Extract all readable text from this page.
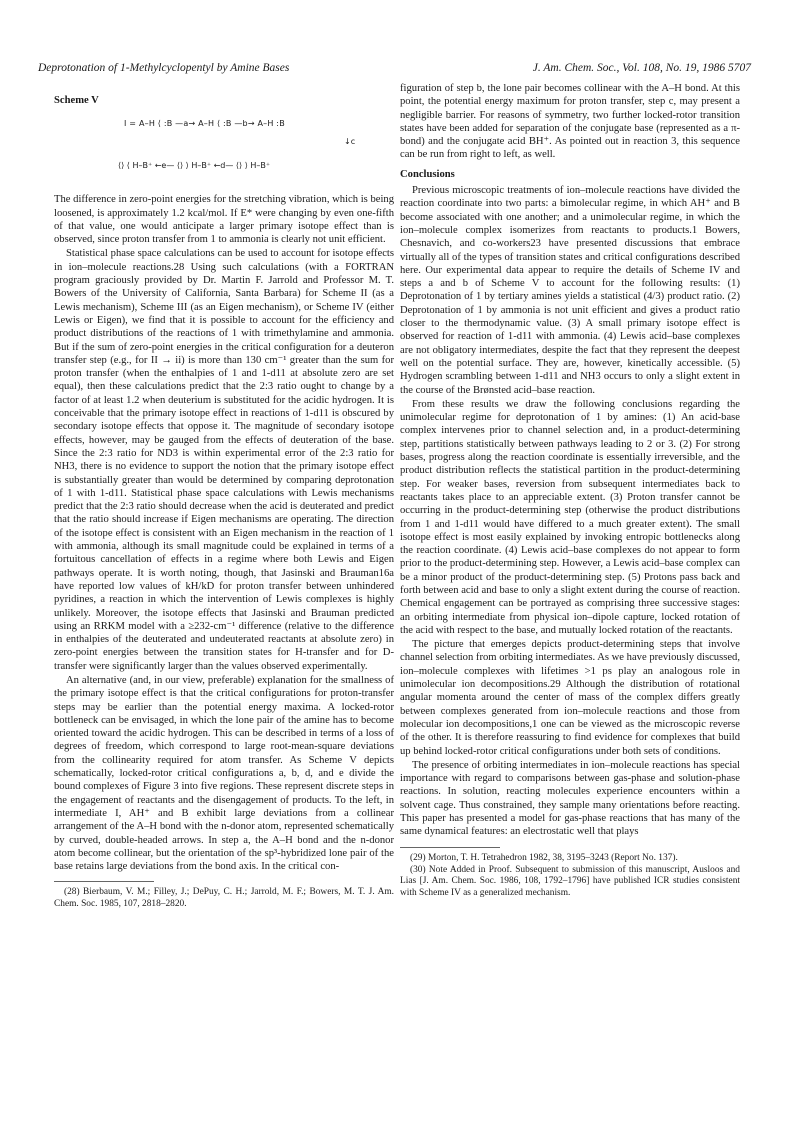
Deprotonation of 1-Methylcyclopentyl by Amine Bases	J. Am. Chem. Soc., Vol. 108, No. 19, 1986 5707
Scheme V
I = A–H ⟨ :B —a→ A–H ⟨ :B —b→ A–H :B
↓c
⟨⟩ ⟨ H–B⁺ ←e— ⟨⟩ ⟩ H–B⁺ ←d— ⟨⟩ ⟩ H–B⁺

The difference in zero-point energies for the stretching vibration, which is being loosened, is approximately 1.2 kcal/mol. If E* were changing by even one-fifth of that value, one would anticipate a larger primary isotope effect than is observed, since proton transfer from 1 to ammonia is clearly not unit efficient.

Statistical phase space calculations can be used to account for isotope effects in ion–molecule reactions.28 Using such calculations (with a FORTRAN program graciously provided by Dr. Martin F. Jarrold and Professor M. T. Bowers of the University of California, Santa Barbara) for Scheme II (as a Lewis mechanism), Scheme III (as an Eigen mechanism), or Scheme IV (either Lewis or Eigen), we find that it is possible to account for the efficiency and product distributions of the reactions of 1 with trimethylamine and ammonia. But if the sum of zero-point energies in the critical configuration for a deuteron transfer step (e.g., for II → ii) is more than 130 cm⁻¹ greater than the sum for proton transfer (when the enthalpies of 1 and 1-d11 at absolute zero are set equal), then these calculations predict that the 2:3 ratio ought to change by a factor of at least 1.2 when deuterium is substituted for the acidic hydrogen. It is conceivable that the primary isotope effect in reactions of 1-d11 is obscured by secondary isotope effects that oppose it. The magnitude of secondary isotope effects, however, may be gauged from the effects of deuteration of the base. Since the 2:3 ratio for ND3 is within experimental error of the 2:3 ratio for NH3, there is no evidence to support the notion that the primary isotope effect is substantially greater than would be determined by comparing deprotonation of 1 with 1-d11. Statistical phase space calculations with Lewis mechanisms predict that the 2:3 ratio should decrease when the acid is deuterated and predict that the ratio should increase if Eigen mechanisms are operating. The direction of the isotope effect is consistent with an Eigen mechanism in the reaction of 1 with ammonia, although its small magnitude could be explained in terms of a fortuitous cancellation of effects in a regime where both Lewis and Eigen pathways operate. It is worth noting, though, that Jasinski and Brauman16a have reported low values of kH/kD for proton transfer between unhindered pyridines, a reaction in which the intervention of Lewis complexes is highly unlikely. Moreover, the isotope effects that Jasinski and Brauman predicted using an RRKM model with a ≥232-cm⁻¹ difference (relative to the difference in enthalpies of the deuterated and undeuterated reactants at absolute zero) in zero-point energies between the transition states for H-transfer and for D-transfer were significantly larger than the values observed experimentally.

An alternative (and, in our view, preferable) explanation for the smallness of the primary isotope effect is that the critical configurations for proton-transfer steps may be earlier than the potential energy maxima. A locked-rotor bottleneck can be envisaged, in which the lone pair of the amine has to become oriented toward the acidic hydrogen. This can be described in terms of a loss of degrees of freedom, which correspond to large root-mean-square deviations from the collinearity required for atom transfer. As Scheme V depicts schematically, locked-rotor critical configurations a, b, d, and e divide the bound complexes of Figure 3 into five regions. These represent discrete steps in the engagement of reactants and the disengagement of products. To the left, in intermediate I, AH⁺ and B exhibit large deviations from a collinear arrangement of the A–H bond with the n-donor atom, represented schematically by curved, double-headed arrows. In step a, the A–H bond and the n-donor atom become collinear, but the orientation of the sp³-hybridized lone pair of the base retains large deviations from the bond axis. In the critical con-

(28) Bierbaum, V. M.; Filley, J.; DePuy, C. H.; Jarrold, M. F.; Bowers, M. T. J. Am. Chem. Soc. 1985, 107, 2818–2820.

figuration of step b, the lone pair becomes collinear with the A–H bond. At this point, the potential energy maximum for proton transfer, step c, may present a negligible barrier. For reasons of symmetry, two further locked-rotor transition states have been added for separation of the conjugate base (represented as a π-bond) and the conjugate acid BH⁺. As pointed out in reaction 3, this sequence can be run from right to left, as well.

Conclusions

Previous microscopic treatments of ion–molecule reactions have divided the reaction coordinate into two parts: a bimolecular regime, in which AH⁺ and B become associated with one another; and a unimolecular regime, in which the ion–molecule complex isomerizes from reactants to products.1 Bowers, Chesnavich, and co-workers23 have presented discussions that embrace virtually all of the types of transition states and critical configurations described here. Our experimental data appear to require the details of Scheme IV and steps a and b of Scheme V to account for the following results: (1) Deprotonation of 1 by tertiary amines yields a statistical (4/3) product ratio. (2) Deprotonation of 1 by ammonia is not unit efficient and gives a product ratio closer to the thermodynamic value. (3) A small primary isotope effect is observed for reaction of 1-d11 with ammonia. (4) Lewis acid–base complexes are not obligatory intermediates, despite the fact that they represent the deepest well on the potential surface. They are, however, kinetically accessible. (5) Hydrogen scrambling between 1-d11 and NH3 occurs to only a slight extent in the course of the Brønsted acid–base reaction.

From these results we draw the following conclusions regarding the unimolecular regime for deprotonation of 1 by amines: (1) An acid-base complex intervenes prior to channel selection and, in a product-determining step, partitions statistically between pathways leading to 2 or 3. (2) For strong bases, progress along the reaction coordinate is essentially irreversible, and the product distribution reflects the statistical partition in the product-determining step. For weaker bases, reversion from subsequent intermediates back to reactants takes place to an appreciable extent. (3) Proton transfer cannot be occurring in the product-determining step (otherwise the product distributions from 1 and 1-d11 would have differed to a much greater extent). The small isotope effect is most easily explained by invoking entropic bottlenecks along the reaction coordinate. (4) Lewis acid–base complexes do not appear to form prior to the product-determining step. However, a Lewis acid–base complex can be a minor product of the product-determining step. (5) Protons pass back and forth between acid and base to only a slight extent during the course of reaction. Chemical engagement can be portrayed as comprising three successive stages: an orbiting intermediate from physical ion–dipole capture, locked rotation of the acid with respect to the base, and mutually locked rotation of the reactants.

The picture that emerges depicts product-determining steps that involve channel selection from orbiting intermediates. As we have previously discussed, ion–molecule complexes with lifetimes >1 ps play an analogous role in unimolecular ion decompositions.29 Although the distribution of rotational angular momenta around the center of mass of the complex differs greatly between complexes generated from ion–molecule reactions and those from molecular ion decompositions,1 one can be viewed as the microscopic reverse of the other. It is therefore reassuring to find evidence for complexes that build up behind locked-rotor critical configurations under both sets of conditions.

The presence of orbiting intermediates in ion–molecule reactions has special importance with regard to comparisons between gas-phase and solution-phase reactions. In solution, reacting molecules experience encounters within a solvent cage. Thus constrained, they sample many orientations before reacting. This paper has presented a model for gas-phase reactions that has many of the same dynamical features: an electrostatic well that plays

(29) Morton, T. H. Tetrahedron 1982, 38, 3195–3243 (Report No. 137).

(30) Note Added in Proof. Subsequent to submission of this manuscript, Ausloos and Lias [J. Am. Chem. Soc. 1986, 108, 1792–1796] have published ICR studies consistent with Scheme IV as a generalized mechanism.
